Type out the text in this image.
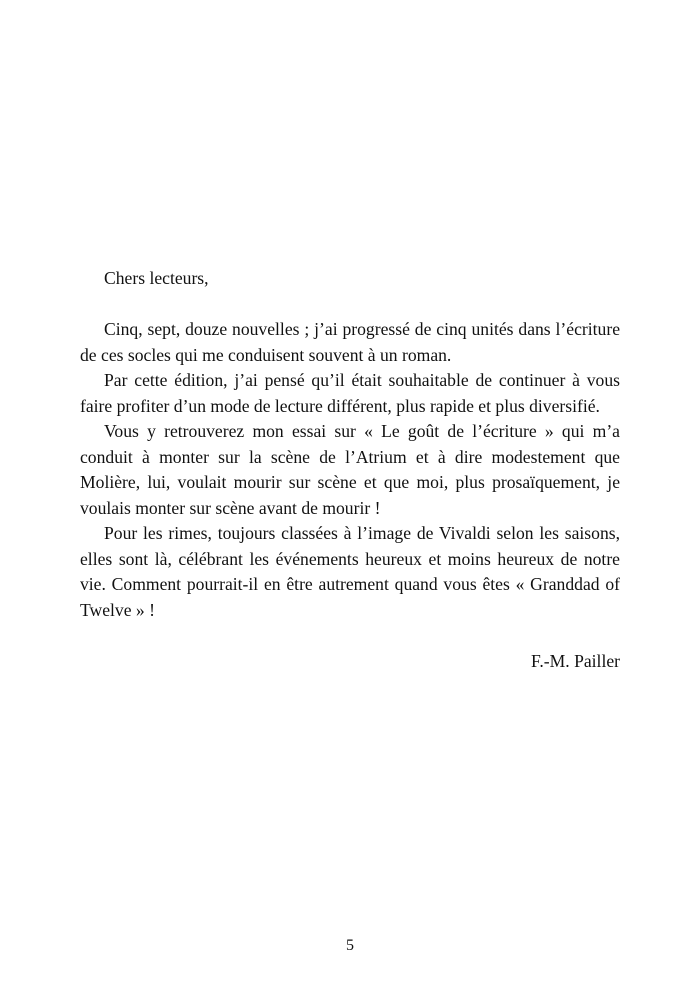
Chers lecteurs,

Cinq, sept, douze nouvelles ; j’ai progressé de cinq unités dans l’écriture de ces socles qui me conduisent souvent à un roman.

Par cette édition, j’ai pensé qu’il était souhaitable de continuer à vous faire profiter d’un mode de lecture différent, plus rapide et plus diversifié.

Vous y retrouverez mon essai sur « Le goût de l’écriture » qui m’a conduit à monter sur la scène de l’Atrium et à dire modestement que Molière, lui, voulait mourir sur scène et que moi, plus prosaïquement, je voulais monter sur scène avant de mourir !

Pour les rimes, toujours classées à l’image de Vivaldi selon les saisons, elles sont là, célébrant les événements heureux et moins heureux de notre vie. Comment pourrait-il en être autrement quand vous êtes « Granddad of Twelve » !

F.-M. Pailler

5
